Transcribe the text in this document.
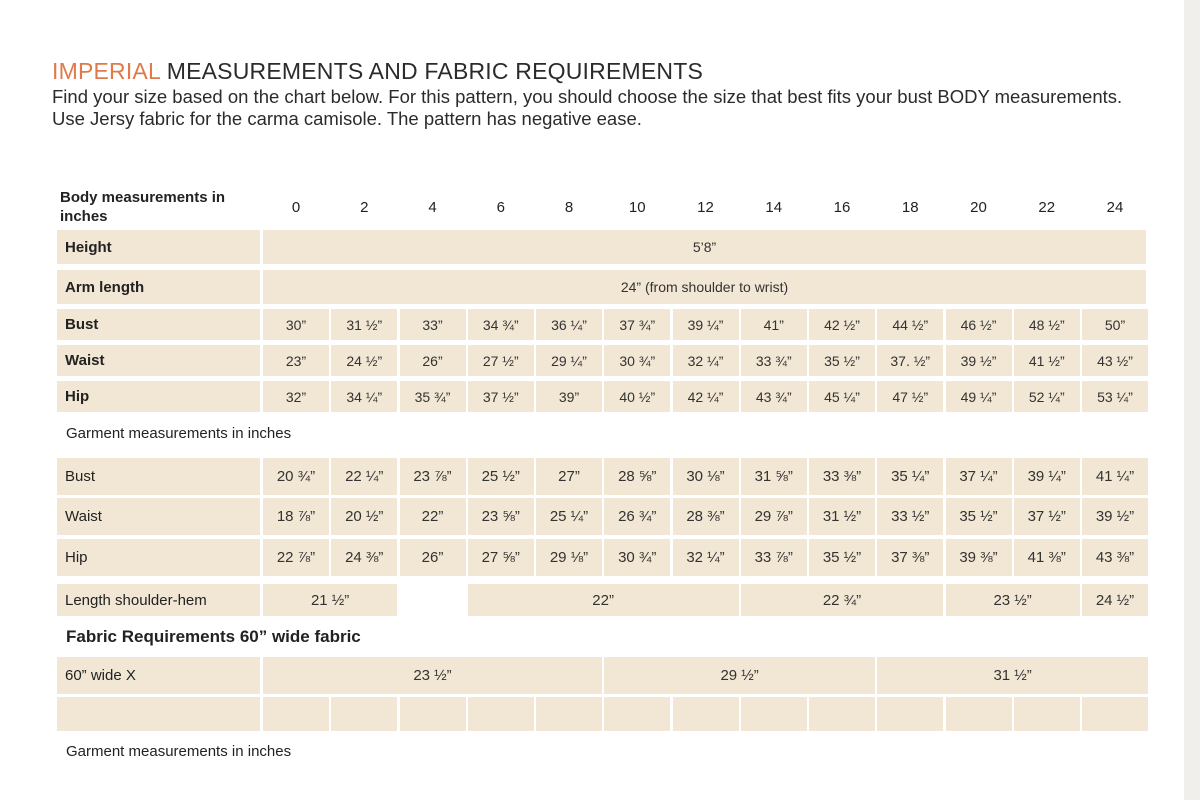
IMPERIAL MEASUREMENTS AND FABRIC REQUIREMENTS
Find your size based on the chart below. For this pattern, you should choose the size that best fits your bust BODY measurements.
Use Jersy fabric for the carma camisole. The pattern has negative ease.
Body measurements in inches
0	2	4	6	8	10	12	14	16	18	20	22	24
Height	5’8”
Arm length	24” (from shoulder to wrist)
Bust	30”	31 ½”	33”	34 ¾”	36 ¼”	37 ¾”	39 ¼”	41”	42 ½”	44 ½”	46 ½”	48 ½”	50”
Waist	23”	24 ½”	26”	27 ½”	29 ¼”	30 ¾”	32 ¼”	33 ¾”	35 ½”	37. ½”	39 ½”	41 ½”	43 ½”
Hip	32”	34 ¼”	35 ¾”	37 ½”	39”	40 ½”	42 ¼”	43 ¾”	45 ¼”	47 ½”	49 ¼”	52 ¼”	53 ¼”
Bust	20 ¾”	22 ¼”	23 ⅞”	25 ½”	27”	28 ⅝”	30 ⅛”	31 ⅝”	33 ⅜”	35 ¼”	37 ¼”	39 ¼”	41 ¼”
Waist	18 ⅞”	20 ½”	22”	23 ⅝”	25 ¼”	26 ¾”	28 ⅜”	29 ⅞”	31 ½”	33 ½”	35 ½”	37 ½”	39 ½”
Hip	22 ⅞”	24 ⅜”	26”	27 ⅝”	29 ⅛”	30 ¾”	32 ¼”	33 ⅞”	35 ½”	37 ⅜”	39 ⅜”	41 ⅜”	43 ⅜”
Length shoulder-hem	21 ½”	22”	22 ¾”	23 ½”	24 ½”
60” wide X	23 ½”	29 ½”	31 ½”
Garment measurements in inches
Fabric Requirements 60” wide fabric
Garment measurements in inches
